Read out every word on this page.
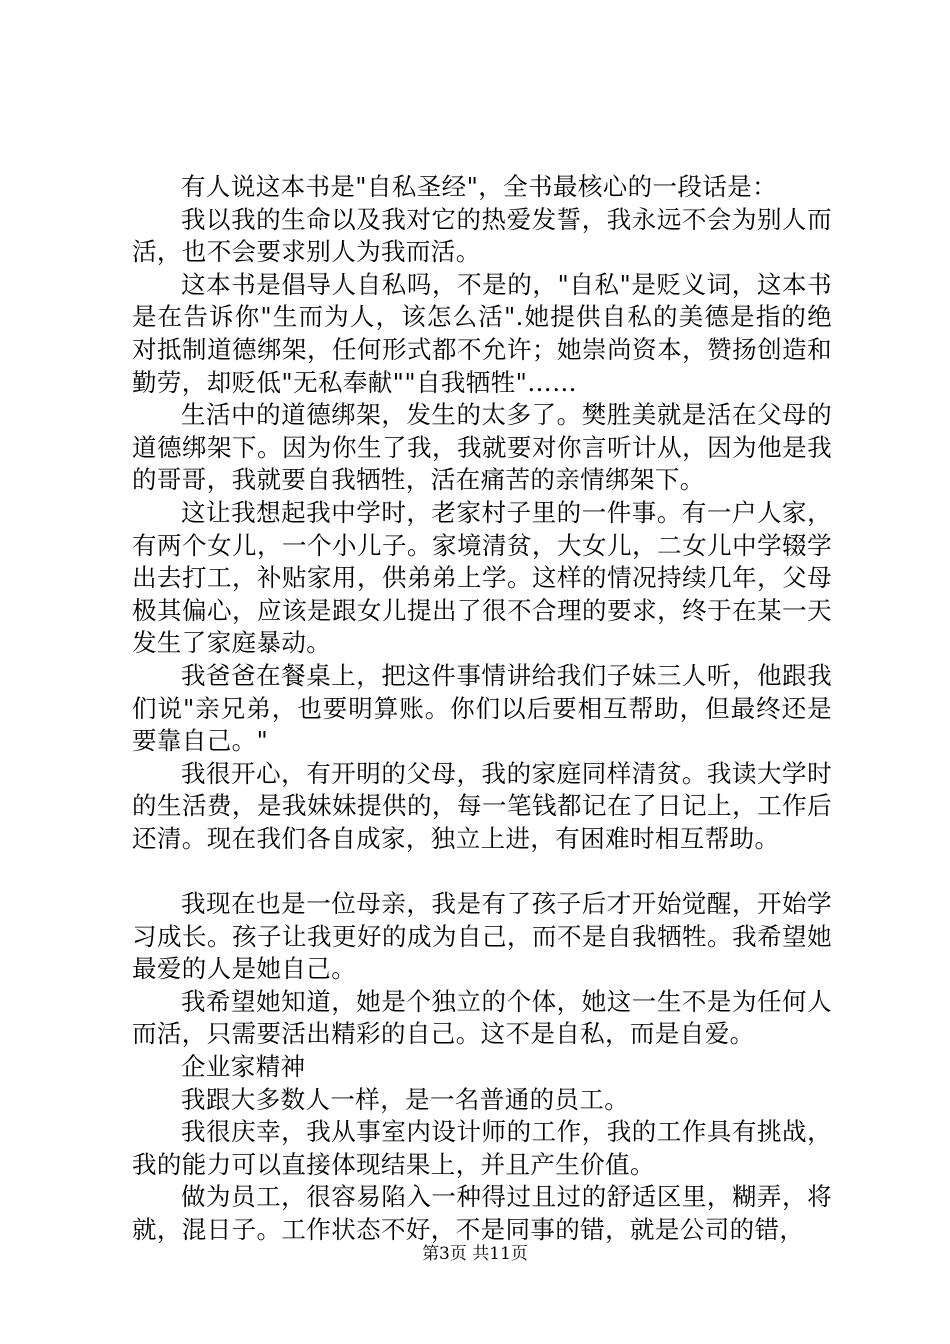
有人说这本书是"自私圣经"，全书最核心的一段话是：

我以我的生命以及我对它的热爱发誓，我永远不会为别人而活，也不会要求别人为我而活。

这本书是倡导人自私吗，不是的，"自私"是贬义词，这本书是在告诉你"生而为人，该怎么活".她提供自私的美德是指的绝对抵制道德绑架，任何形式都不允许；她崇尚资本，赞扬创造和勤劳，却贬低"无私奉献""自我牺牲"……

生活中的道德绑架，发生的太多了。樊胜美就是活在父母的道德绑架下。因为你生了我，我就要对你言听计从，因为他是我的哥哥，我就要自我牺牲，活在痛苦的亲情绑架下。

这让我想起我中学时，老家村子里的一件事。有一户人家，有两个女儿，一个小儿子。家境清贫，大女儿，二女儿中学辍学出去打工，补贴家用，供弟弟上学。这样的情况持续几年，父母极其偏心，应该是跟女儿提出了很不合理的要求，终于在某一天发生了家庭暴动。

我爸爸在餐桌上，把这件事情讲给我们子妹三人听，他跟我们说"亲兄弟，也要明算账。你们以后要相互帮助，但最终还是要靠自己。"

我很开心，有开明的父母，我的家庭同样清贫。我读大学时的生活费，是我妹妹提供的，每一笔钱都记在了日记上，工作后还清。现在我们各自成家，独立上进，有困难时相互帮助。

我现在也是一位母亲，我是有了孩子后才开始觉醒，开始学习成长。孩子让我更好的成为自己，而不是自我牺牲。我希望她最爱的人是她自己。

我希望她知道，她是个独立的个体，她这一生不是为任何人而活，只需要活出精彩的自己。这不是自私，而是自爱。

企业家精神

我跟大多数人一样，是一名普通的员工。

我很庆幸，我从事室内设计师的工作，我的工作具有挑战，我的能力可以直接体现结果上，并且产生价值。

做为员工，很容易陷入一种得过且过的舒适区里，糊弄，将就，混日子。工作状态不好，不是同事的错，就是公司的错，

第3页 共11页
